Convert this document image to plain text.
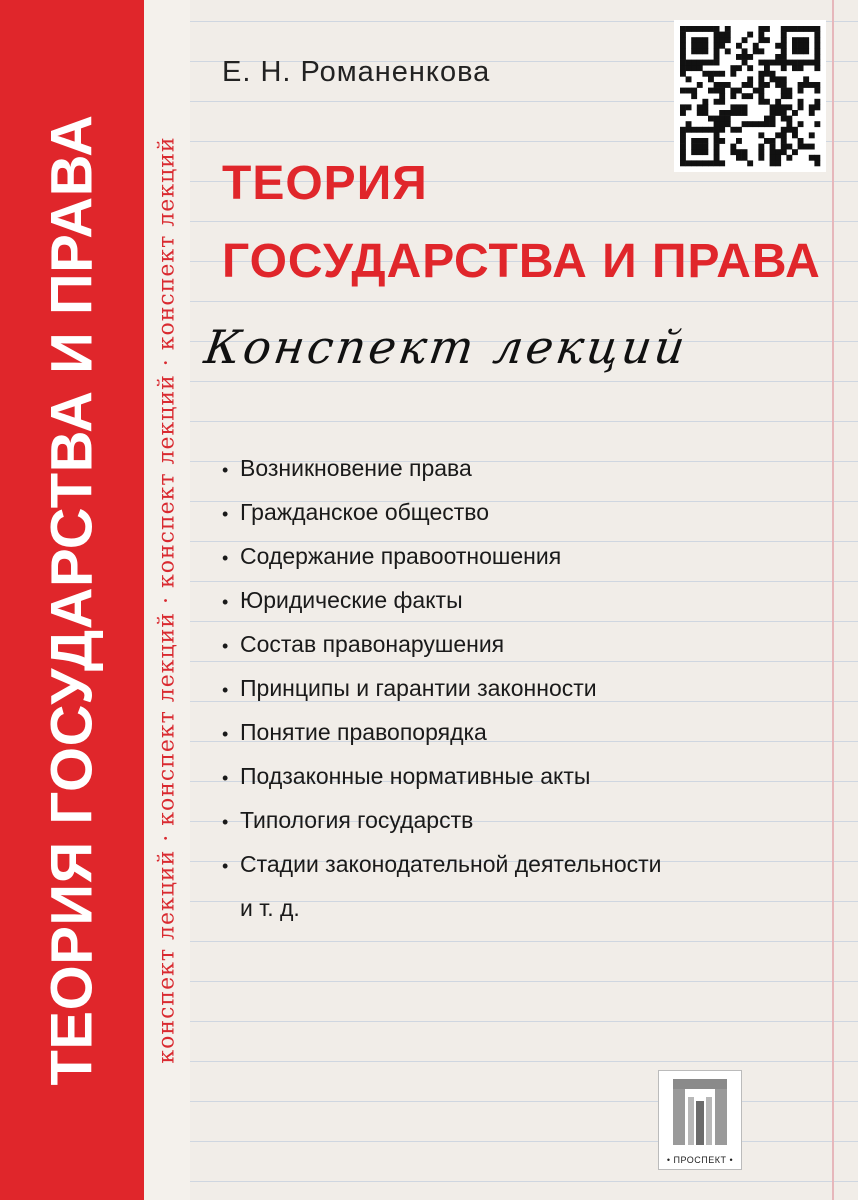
ТЕОРИЯ ГОСУДАРСТВА И ПРАВА конспект лекций · конспект лекций · конспект лекций · конспект лекций
Е. Н. Романенкова
ТЕОРИЯ
ГОСУДАРСТВА И ПРАВА
Конспект лекций
• Возникновение права
• Гражданское общество
• Содержание правоотношения
• Юридические факты
• Состав правонарушения
• Принципы и гарантии законности
• Понятие правопорядка
• Подзаконные нормативные акты
• Типология государств
• Стадии законодательной деятельности
и т. д.
• ПРОСПЕКТ •
